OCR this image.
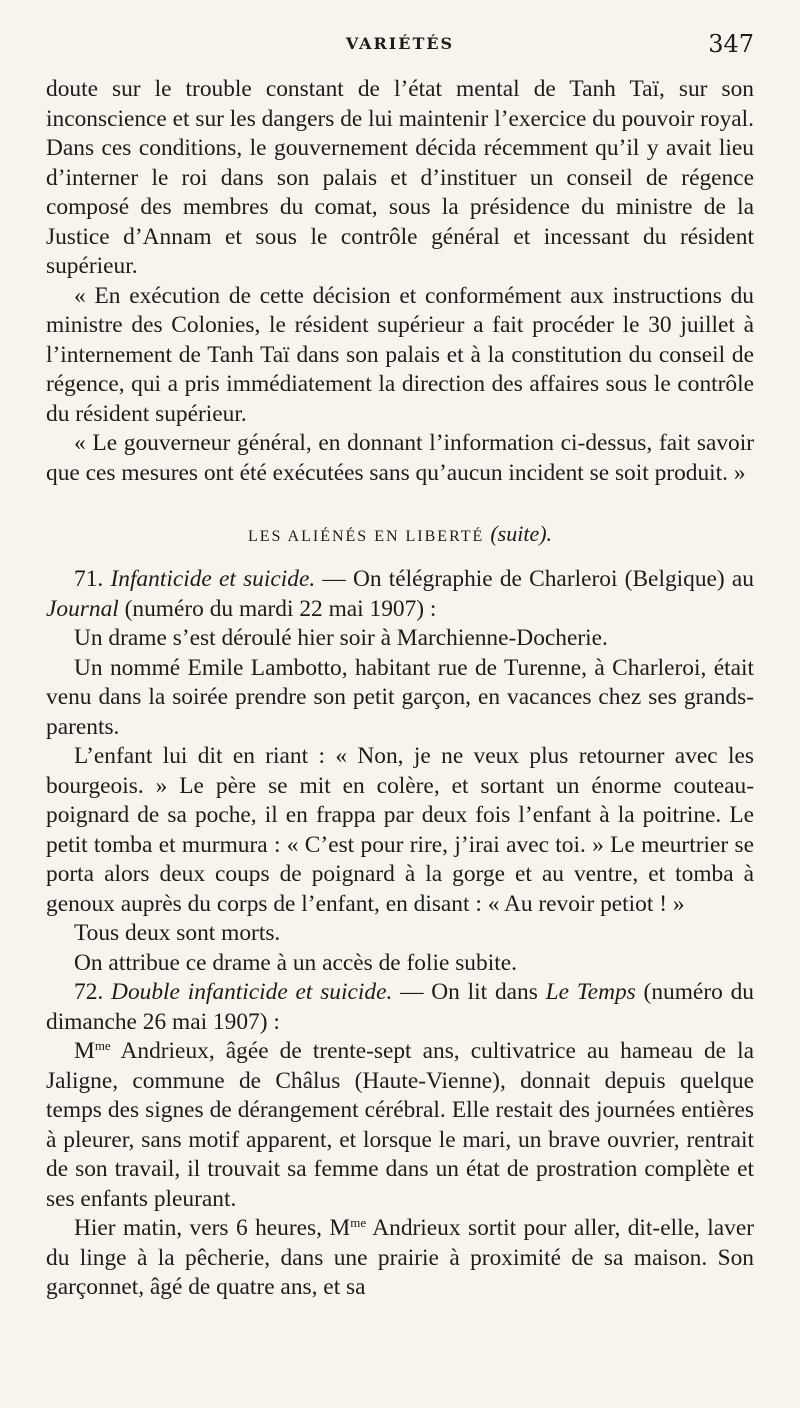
VARIÉTÉS	347

doute sur le trouble constant de l’état mental de Tanh Taï, sur son inconscience et sur les dangers de lui maintenir l’exercice du pouvoir royal. Dans ces conditions, le gouvernement décida récemment qu’il y avait lieu d’interner le roi dans son palais et d’instituer un conseil de régence composé des membres du comat, sous la présidence du ministre de la Justice d’Annam et sous le contrôle général et incessant du résident supérieur.

« En exécution de cette décision et conformément aux instructions du ministre des Colonies, le résident supérieur a fait procéder le 30 juillet à l’internement de Tanh Taï dans son palais et à la constitution du conseil de régence, qui a pris immédiatement la direction des affaires sous le contrôle du résident supérieur.

« Le gouverneur général, en donnant l’information ci-dessus, fait savoir que ces mesures ont été exécutées sans qu’aucun incident se soit produit. »

LES ALIÉNÉS EN LIBERTÉ (suite).

71. Infanticide et suicide. — On télégraphie de Charleroi (Belgique) au Journal (numéro du mardi 22 mai 1907) :

Un drame s’est déroulé hier soir à Marchienne-Docherie.

Un nommé Emile Lambotto, habitant rue de Turenne, à Charleroi, était venu dans la soirée prendre son petit garçon, en vacances chez ses grands-parents.

L’enfant lui dit en riant : « Non, je ne veux plus retourner avec les bourgeois. » Le père se mit en colère, et sortant un énorme couteau-poignard de sa poche, il en frappa par deux fois l’enfant à la poitrine. Le petit tomba et murmura : « C’est pour rire, j’irai avec toi. » Le meurtrier se porta alors deux coups de poignard à la gorge et au ventre, et tomba à genoux auprès du corps de l’enfant, en disant : « Au revoir petiot ! »

Tous deux sont morts.

On attribue ce drame à un accès de folie subite.

72. Double infanticide et suicide. — On lit dans Le Temps (numéro du dimanche 26 mai 1907) :

$M^{me}$ Andrieux, âgée de trente-sept ans, cultivatrice au hameau de la Jaligne, commune de Châlus (Haute-Vienne), donnait depuis quelque temps des signes de dérangement cérébral. Elle restait des journées entières à pleurer, sans motif apparent, et lorsque le mari, un brave ouvrier, rentrait de son travail, il trouvait sa femme dans un état de prostration complète et ses enfants pleurant.

Hier matin, vers 6 heures, $M^{me}$ Andrieux sortit pour aller, dit-elle, laver du linge à la pêcherie, dans une prairie à proximité de sa maison. Son garçonnet, âgé de quatre ans, et sa
